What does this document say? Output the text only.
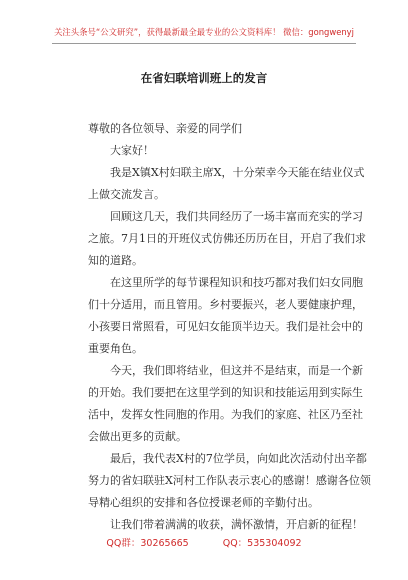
关注头条号“公文研究”，获得最新最全最专业的公文资料库！ 微信：gongwenyj
在省妇联培训班上的发言
尊敬的各位领导、亲爱的同学们
大家好！
我是X镇X村妇联主席X，十分荣幸今天能在结业仪式
上做交流发言。
回顾这几天，我们共同经历了一场丰富而充实的学习
之旅。7月1日的开班仪式仿佛还历历在目，开启了我们求
知的道路。
在这里所学的每节课程知识和技巧都对我们妇女同胞
们十分适用，而且管用。乡村要振兴，老人要健康护理，
小孩要日常照看，可见妇女能顶半边天。我们是社会中的
重要角色。
今天，我们即将结业，但这并不是结束，而是一个新
的开始。我们要把在这里学到的知识和技能运用到实际生
活中，发挥女性同胞的作用。为我们的家庭、社区乃至社
会做出更多的贡献。
最后，我代表X村的7位学员，向如此次活动付出辛都
努力的省妇联驻X河村工作队表示衷心的感谢！感谢各位领
导精心组织的安排和各位授课老师的辛勤付出。
让我们带着满满的收获，满怀激情，开启新的征程！
QQ群：30265665	QQ：535304092
